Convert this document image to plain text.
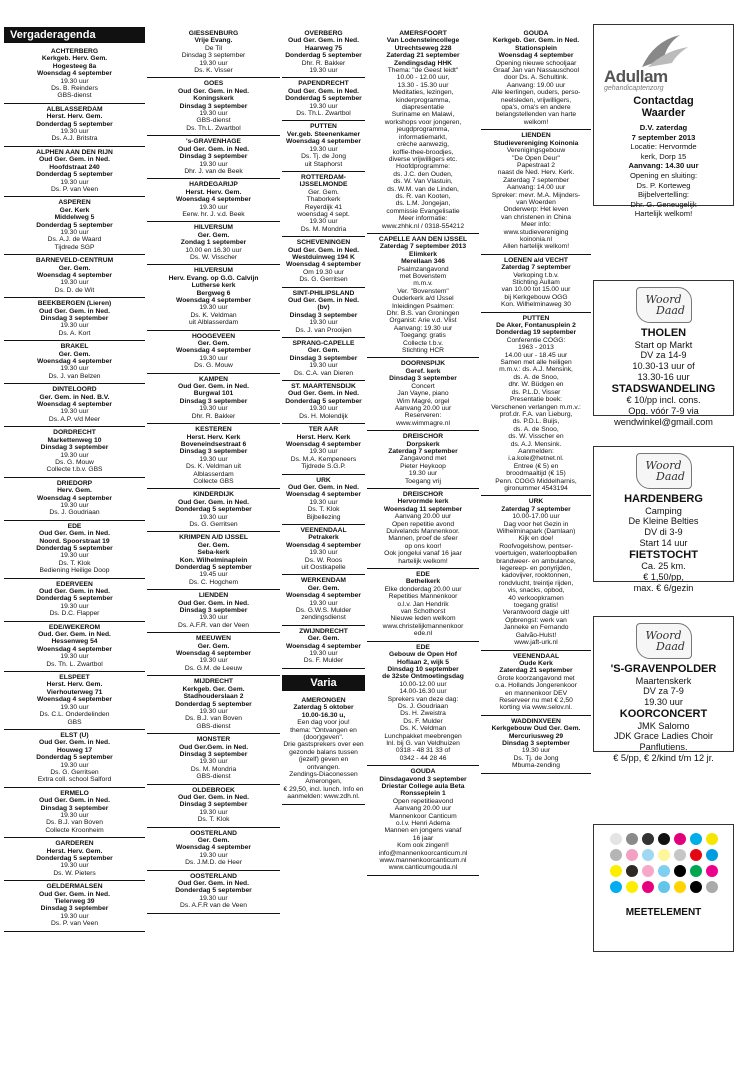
Vergaderagenda

ACHTERBERG

Kerkgeb. Herv. Gem.

Hogesteeg 8a

Woensdag 4 september

19.30 uur

Ds. B. Reinders

GBS-dienst

ALBLASSERDAM

Herst. Herv. Gem.

Donderdag 5 september

19.30 uur

Ds. A.J. Britstra

ALPHEN AAN DEN RIJN

Oud Ger. Gem. in Ned.

Hoofdstraat 240

Donderdag 5 september

19.30 uur

Ds. P. van Veen

ASPEREN

Ger. Kerk

Middelweg 5

Donderdag 5 september

19.30 uur

Ds. A.J. de Waard

Tijdrede SGP

BARNEVELD-CENTRUM

Ger. Gem.

Woensdag 4 september

19.30 uur

Ds. D. de Wit

BEEKBERGEN (Lieren)

Oud Ger. Gem. in Ned.

Dinsdag 3 september

19.30 uur

Ds. A. Kort

BRAKEL

Ger. Gem.

Woensdag 4 september

19.30 uur

Ds. J. van Belzen

DINTELOORD

Ger. Gem. in Ned. B.V.

Woensdag 4 september

19.30 uur

Ds. A.P. v/d Meer

DORDRECHT

Markettenweg 10

Dinsdag 3 september

19.30 uur

Ds. G. Mouw

Collecte t.b.v. GBS

DRIEDORP

Herv. Gem.

Woensdag 4 september

19.30 uur

Ds. J. Goudriaan

EDE

Oud Ger. Gem. in Ned.

Noord. Spoorstraat 19

Donderdag 5 september

19.30 uur

Ds. T. Klok

Bediening Heilige Doop

EDERVEEN

Oud Ger. Gem. in Ned.

Donderdag 5 september

19.30 uur

Ds. D.C. Flapper

EDE/WEKEROM

Oud. Ger. Gem. in Ned.

Hessenweg 54

Woensdag 4 september

19.30 uur

Ds. Th. L. Zwartbol

ELSPEET

Herst. Herv. Gem.

Vierhouterweg 71

Woensdag 4 september

19.30 uur

Ds. C.L. Onderdelinden

GBS

ELST (U)

Oud Ger. Gem. in Ned.

Houweg 17

Donderdag 5 september

19.30 uur

Ds. G. Gerritsen

Extra coll. school Salford

ERMELO

Oud Ger. Gem. in Ned.

Dinsdag 3 september

19.30 uur

Ds. B.J. van Boven

Collecte Kroonheim

GARDEREN

Herst. Herv. Gem.

Donderdag 5 september

19.30 uur

Ds. W. Pieters

GELDERMALSEN

Oud Ger. Gem. in Ned.

Tielerweg 39

Dinsdag 3 september

19.30 uur

Ds. P. van Veen

GIESSENBURG

Vrije Evang.

De Til

Dinsdag 3 september

19.30 uur

Ds. K. Visser

GOES

Oud Ger. Gem. in Ned.

Koningskerk

Dinsdag 3 september

19.30 uur

GBS-dienst

Ds. Th.L. Zwartbol

's-GRAVENHAGE

Oud Ger. Gem. in Ned.

Dinsdag 3 september

19.30 uur

Dhr. J. van de Beek

HARDEGARIJP

Herst. Herv. Gem.

Woensdag 4 september

19.30 uur

Eerw. hr. J. v.d. Beek

HILVERSUM

Ger. Gem.

Zondag 1 september

10.00 en 16.30 uur

Ds. W. Visscher

HILVERSUM

Herv. Evang. op G.G. Calvijn

Lutherse kerk

Bergweg 6

Woensdag 4 september

19.30 uur

Ds. K. Veldman

uit Alblasserdam

HOOGEVEEN

Ger. Gem.

Woensdag 4 september

19.30 uur

Ds. G. Mouw

KAMPEN

Oud Ger. Gem. in Ned.

Burgwal 101

Dinsdag 3 september

19.30 uur

Dhr. R. Bakker

KESTEREN

Herst. Herv. Kerk

Boveneindsestraat 6

Dinsdag 3 september

19.30 uur

Ds. K. Veldman uit

Alblasserdam

Collecte GBS

KINDERDIJK

Oud Ger. Gem. in Ned.

Donderdag 5 september

19.30 uur

Ds. G. Gerritsen

KRIMPEN A/D IJSSEL

Ger. Gem.

Seba-kerk

Kon. Wilhelminaplein

Donderdag 5 september

19.45 uur

Ds. C. Hogchem

LIENDEN

Oud Ger. Gem. in Ned.

Dinsdag 3 september

19.30 uur

Ds. A.F.R. van der Veen

MEEUWEN

Ger. Gem.

Woensdag 4 september

19.30 uur

Ds. G.M. de Leeuw

MIJDRECHT

Kerkgeb. Ger. Gem.

Stadhouderslaan 2

Donderdag 5 september

19.30 uur

Ds. B.J. van Boven

GBS-dienst

MONSTER

Oud Ger.Gem. in Ned.

Dinsdag 3 september

19.30 uur

Ds. M. Mondria

GBS-dienst

OLDEBROEK

Oud Ger. Gem. in Ned.

Dinsdag 3 september

19.30 uur

Ds. T. Klok

OOSTERLAND

Ger. Gem.

Woensdag 4 september

19.30 uur

Ds. J.M.D. de Heer

OOSTERLAND

Oud Ger. Gem. in Ned.

Donderdag 5 september

19.30 uur

Ds. A.F.R van de Veen

OVERBERG

Oud Ger. Gem. in Ned.

Haarweg 75

Donderdag 5 september

Dhr. R. Bakker

19.30 uur

PAPENDRECHT

Oud Ger. Gem. in Ned.

Donderdag 5 september

19.30 uur

Ds. Th.L. Zwartbol

PUTTEN

Ver.geb. Steenenkamer

Woensdag 4 september

19.30 uur

Ds. Tj. de Jong

uit Staphorst

ROTTERDAM-

IJSSELMONDE

Ger. Gem.

Thaborkerk

Reyerdijk 41

woensdag 4 sept.

19.30 uur

Ds. M. Mondria

SCHEVENINGEN

Oud Ger. Gem. in Ned.

Westduinweg 194 K

Woensdag 4 september

Om 19.30 uur

Ds. G. Gerritsen

SINT-PHILIPSLAND

Oud Ger. Gem. in Ned. (bv)

Dinsdag 3 september

19.30 uur

Ds. J. van Prooijen

SPRANG-CAPELLE

Ger. Gem.

Dinsdag 3 september

19.30 uur

Ds. C.A. van Dieren

ST. MAARTENSDIJK

Oud Ger. Gem. in Ned.

Donderdag 5 september

19.30 uur

Ds. H. Molendijk

TER AAR

Herst. Herv. Kerk

Woensdag 4 september

19.30 uur

Ds. M.A. Kempeneers

Tijdrede S.G.P.

URK

Oud Ger. Gem. in Ned.

Woensdag 4 september

19.30 uur

Ds. T. Klok

Bijbellezing

VEENENDAAL

Petrakerk

Woensdag 4 september

19.30 uur

Ds. W. Roos

uit Oostkapelle

WERKENDAM

Ger. Gem.

Woensdag 4 september

19.30 uur

Ds. G.W.S. Mulder

zendingsdienst

ZWIJNDRECHT

Ger. Gem.

Woensdag 4 september

19.30 uur

Ds. F. Mulder

Varia

AMERONGEN

Zaterdag 5 oktober

10.00-16.30 u,

Een dag voor jou!

thema: "Ontvangen en

(door)geven".

Drie gastsprekers over een

gezonde balans tussen

(jezelf) geven en ontvangen.

Zendings-Diaconessen

Amerongen,

€ 29,50, incl. lunch. Info en

aanmelden: www.zdh.nl.

AMERSFOORT

Van Lodensteincollege

Utrechtseweg 228

Zaterdag 21 september

Zendingsdag HHK

Thema: "de Geest leidt"

10.00 - 12.00 uur,

13.30 - 15.30 uur

Meditaties, lezingen,

kinderprogramma,

diapresentatie

Suriname en Malawi,

workshops voor jongeren,

jeugdprogramma,

informatiemarkt,

crèche aanwezig,

koffie-thee-broodjes,

diverse vrijwilligers etc.

Hoofdprogramme:

ds. J.C. den Ouden,

ds. W. Van Vlastuin,

ds. W.M. van de Linden,

ds. R. van Kooten,

ds. L.M. Jongejan,

commissie Evangelisatie

Meer informatie:

www.zhhk.nl / 0318-554212

CAPELLE AAN DEN IJSSEL

Zaterdag 7 september 2013

Elimkerk

Merellaan 346

Psalmzangavond

met Bovenstem

m.m.v.

Ver. "Bovenstem"

Ouderkerk a/d IJssel

Inleidingen Psalmen:

Dhr. B.S. van Groningen

Organist: Arie v.d. Vlist

Aanvang: 19.30 uur

Toegang: gratis

Collecte t.b.v.

Stichting HCR

DOORNSPIJK

Geref. kerk

Dinsdag 3 september

Concert

Jan Vayne, piano

Wim Magré, orgel

Aanvang 20.00 uur

Reserveren:

www.wimmagre.nl

DREISCHOR

Dorpskerk

Zaterdag 7 september

Zangavond met

Pieter Heykoop

19.30 uur

Toegang vrij

DREISCHOR

Hervormde kerk

Woensdag 11 september

Aanvang 20.00 uur

Open repetitie avond

Duivelands Mannenkoor.

Mannen, proef de sfeer

op ons koor!

Ook jongelui vanaf 16 jaar

hartelijk welkom!

EDE

Bethelkerk

Elke donderdag 20.00 uur

Repetities Mannenkoor

o.l.v. Jan Hendrik

van Schothorst

Nieuwe leden welkom

www.christelijkmannenkoor

ede.nl

EDE

Gebouw de Open Hof

Hoflaan 2, wijk 5

Dinsdag 10 september

de 32ste Ontmoetingsdag

10.00-12.00 uur

14.00-16.30 uur

Sprekers van deze dag:

Ds. J. Goudriaan

Ds. H. Zweistra

Ds. F. Mulder

Ds. K. Veldman

Lunchpakket meebrengen

Inl. bij G. van Veldhuizen

0318 - 48 31 33 of

0342 - 44 28 46

GOUDA

Dinsdagavond 3 september

Driestar College aula Beta

Ronsseplein 1

Open repetitieavond

Aanvang 20.00 uur

Mannenkoor Canticum

o.l.v. Henri Adema

Mannen en jongens vanaf

16 jaar

Kom ook zingen!!

info@mannenkoorcanticum.nl

www.mannenkoorcanticum.nl

www.canticumgouda.nl

GOUDA

Kerkgeb. Ger. Gem. in Ned.

Stationsplein

Woensdag 4 september

Opening nieuwe schooljaar

Graaf Jan van Nassauschool

door Ds. A. Schultink.

Aanvang: 19.00 uur

Alle leerlingen, ouders, perso-

neelsleden, vrijwilligers,

opa's, oma's en andere

belangstellenden van harte

welkom!

LIENDEN

Studievereniging Koinonia

Verenigingsgebouw

"De Open Deur"

Papestraat 2

naast de Ned. Herv. Kerk.

Zaterdag 7 september

Aanvang: 14.00 uur

Spreker: mevr. M.A. Mijnders-

van Woerden

Onderwerp: Het leven

van christenen in China

Meer info:

www.studievereniging

koinonia.nl

Allen hartelijk welkom!

LOENEN a/d VECHT

Zaterdag 7 september

Verkoping t.b.v.

Stichting Aullam

van 10.00 tot 15.00 uur

bij Kerkgebouw OGG

Kon. Wilhelminaweg 30

PUTTEN

De Aker, Fontanusplein 2

Donderdag 19 september

Conferentie COGG:

1963 - 2013

14.00 uur - 18.45 uur

Samen met alle heiligen

m.m.v.: ds. A.J. Mensink,

ds. A. de Snoo,

dhr. W. Büdgen en

ds. P.L.D. Visser

Presentatie boek:

Verschenen verlangen m.m.v.:

prof.dr. F.A. van Lieburg,

ds. P.D.L. Buijs,

ds. A. de Snoo,

ds. W. Visscher en

ds. A.J. Mensink.

Aanmelden:

i.a.kole@hetnet.nl.

Entree (€ 5) en

broodmaaltijd (€ 15)

Penn. COGG Middelharnis,

gironummer 4543194

URK

Zaterdag 7 september

10.00-17.00 uur

Dag voor het Gezin in

Wilhelminapark (Damlaan)

Kijk en doe!

Roofvogelshow, pentser-

voertuigen, waterloopballen

brandweer- en ambulance,

legereep- en ponyrijden,

kadovijver, rooktonnen,

rondvlucht, treintje rijden,

vis, snacks, opbod,

40 verkoopkramen

toegang gratis!

Verantwoord dagje uit!

Opbrengst: werk van

Janneke en Fernando

Galvão-Hulst!

www.jaft-urk.nl

VEENENDAAL

Oude Kerk

Zaterdag 21 september

Grote koorzangavond met

o.a. Hollands Jongerenkoor

en mannenkoor DEV

Reserveer nu met € 2,50

korting via www.selov.nl.

WADDINXVEEN

Kerkgebouw Oud Ger. Gem.

Mercuriusweg 29

Dinsdag 3 september

19.30 uur

Ds. Tj. de Jong

Mbuma-zending

Adullam
gehandicaptenzorg
Contactdag
Waarder
D.V. zaterdag
7 september 2013
Locatie: Hervormde
kerk, Dorp 15
Aanvang: 14.30 uur
Opening en sluiting:
Ds. P. Korteweg
Bijbelvertelling:
Dhr. G. Geneugelijk
Hartelijk welkom!
Woord
Daad
THOLEN
Start op Markt
DV za 14-9
10.30-13 uur of
13.30-16 uur
STADSWANDELING
€ 10/pp incl. cons.
Opg. vóór 7-9 via
wendwinkel@gmail.com
Woord
Daad
HARDENBERG
Camping
De Kleine Belties
DV di 3-9
Start 14 uur
FIETSTOCHT
Ca. 25 km.
€ 1,50/pp,
max. € 6/gezin
Woord
Daad
'S-GRAVENPOLDER
Maartenskerk
DV za 7-9
19.30 uur
KOORCONCERT
JMK Salomo
JDK Grace Ladies Choir
Panflutiens.
€ 5/pp, € 2/kind t/m 12 jr.
MEETELEMENT
